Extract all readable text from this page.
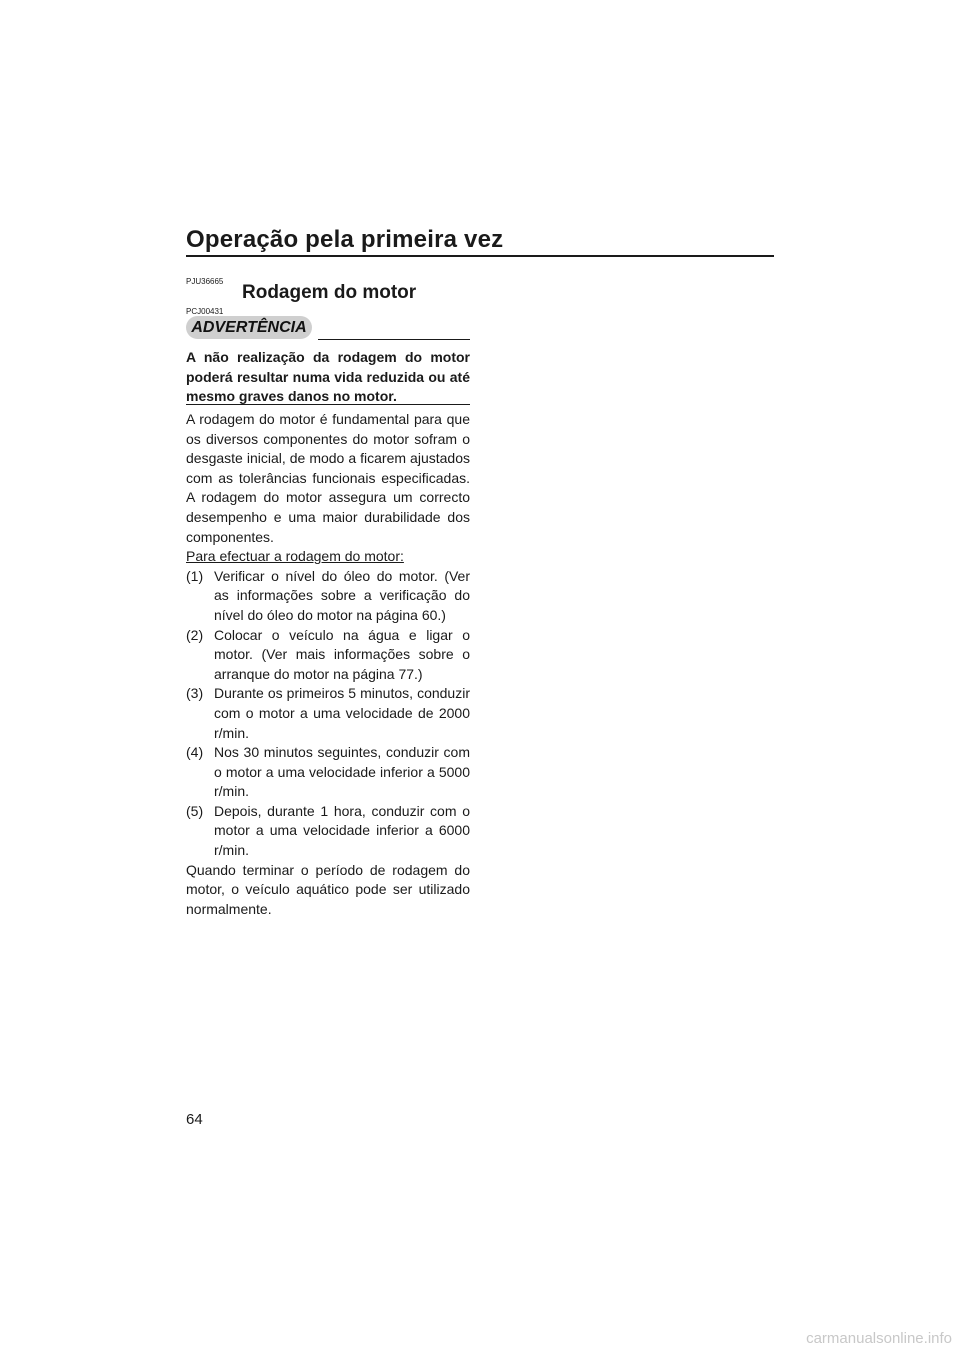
Operação pela primeira vez
PJU36665
Rodagem do motor
PCJ00431
ADVERTÊNCIA

A não realização da rodagem do motor poderá resultar numa vida reduzida ou até mesmo graves danos no motor.

A rodagem do motor é fundamental para que os diversos componentes do motor sofram o desgaste inicial, de modo a ficarem ajustados com as tolerâncias funcionais especificadas. A rodagem do motor assegura um correcto desempenho e uma maior durabilidade dos componentes.

Para efectuar a rodagem do motor:

(1) Verificar o nível do óleo do motor. (Ver as informações sobre a verificação do nível do óleo do motor na página 60.)
(2) Colocar o veículo na água e ligar o motor. (Ver mais informações sobre o arranque do motor na página 77.)
(3) Durante os primeiros 5 minutos, conduzir com o motor a uma velocidade de 2000 r/min.
(4) Nos 30 minutos seguintes, conduzir com o motor a uma velocidade inferior a 5000 r/min.
(5) Depois, durante 1 hora, conduzir com o motor a uma velocidade inferior a 6000 r/min.

Quando terminar o período de rodagem do motor, o veículo aquático pode ser utilizado normalmente.

64
carmanualsonline.info
